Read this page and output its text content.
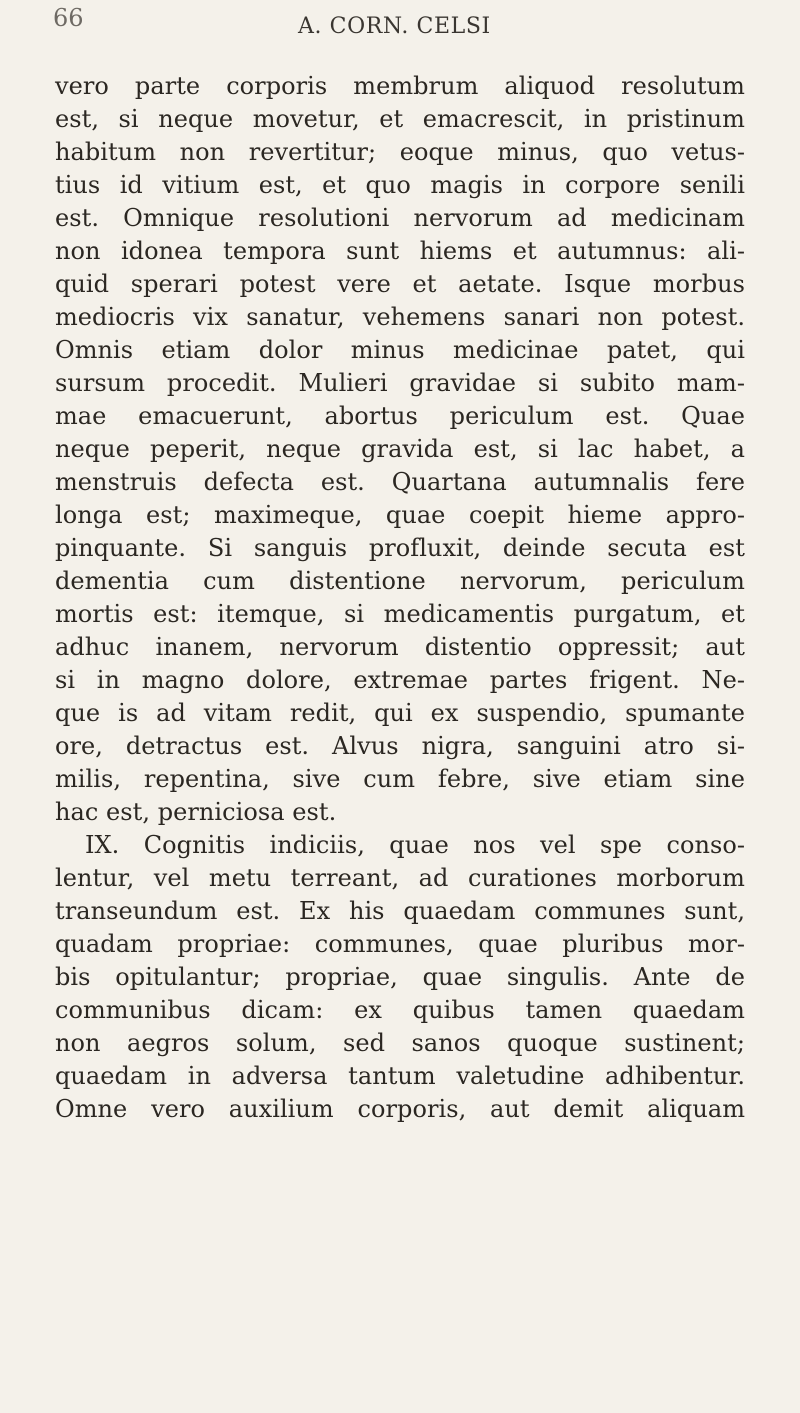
66	A. CORN. CELSI
vero parte corporis membrum aliquod resolutum
est, si neque movetur, et emacrescit, in pristinum
habitum non revertitur; eoque minus, quo vetus-
tius id vitium est, et quo magis in corpore senili
est. Omnique resolutioni nervorum ad medicinam
non idonea tempora sunt hiems et autumnus: ali-
quid sperari potest vere et aetate. Isque morbus
mediocris vix sanatur, vehemens sanari non potest.
Omnis etiam dolor minus medicinae patet, qui
sursum procedit. Mulieri gravidae si subito mam-
mae emacuerunt, abortus periculum est. Quae
neque peperit, neque gravida est, si lac habet, a
menstruis defecta est. Quartana autumnalis fere
longa est; maximeque, quae coepit hieme appro-
pinquante. Si sanguis profluxit, deinde secuta est
dementia cum distentione nervorum, periculum
mortis est: itemque, si medicamentis purgatum, et
adhuc inanem, nervorum distentio oppressit; aut
si in magno dolore, extremae partes frigent. Ne-
que is ad vitam redit, qui ex suspendio, spumante
ore, detractus est. Alvus nigra, sanguini atro si-
milis, repentina, sive cum febre, sive etiam sine
hac est, perniciosa est.
IX. Cognitis indiciis, quae nos vel spe conso-
lentur, vel metu terreant, ad curationes morborum
transeundum est. Ex his quaedam communes sunt,
quadam propriae: communes, quae pluribus mor-
bis opitulantur; propriae, quae singulis. Ante de
communibus dicam: ex quibus tamen quaedam
non aegros solum, sed sanos quoque sustinent;
quaedam in adversa tantum valetudine adhibentur.
Omne vero auxilium corporis, aut demit aliquam
